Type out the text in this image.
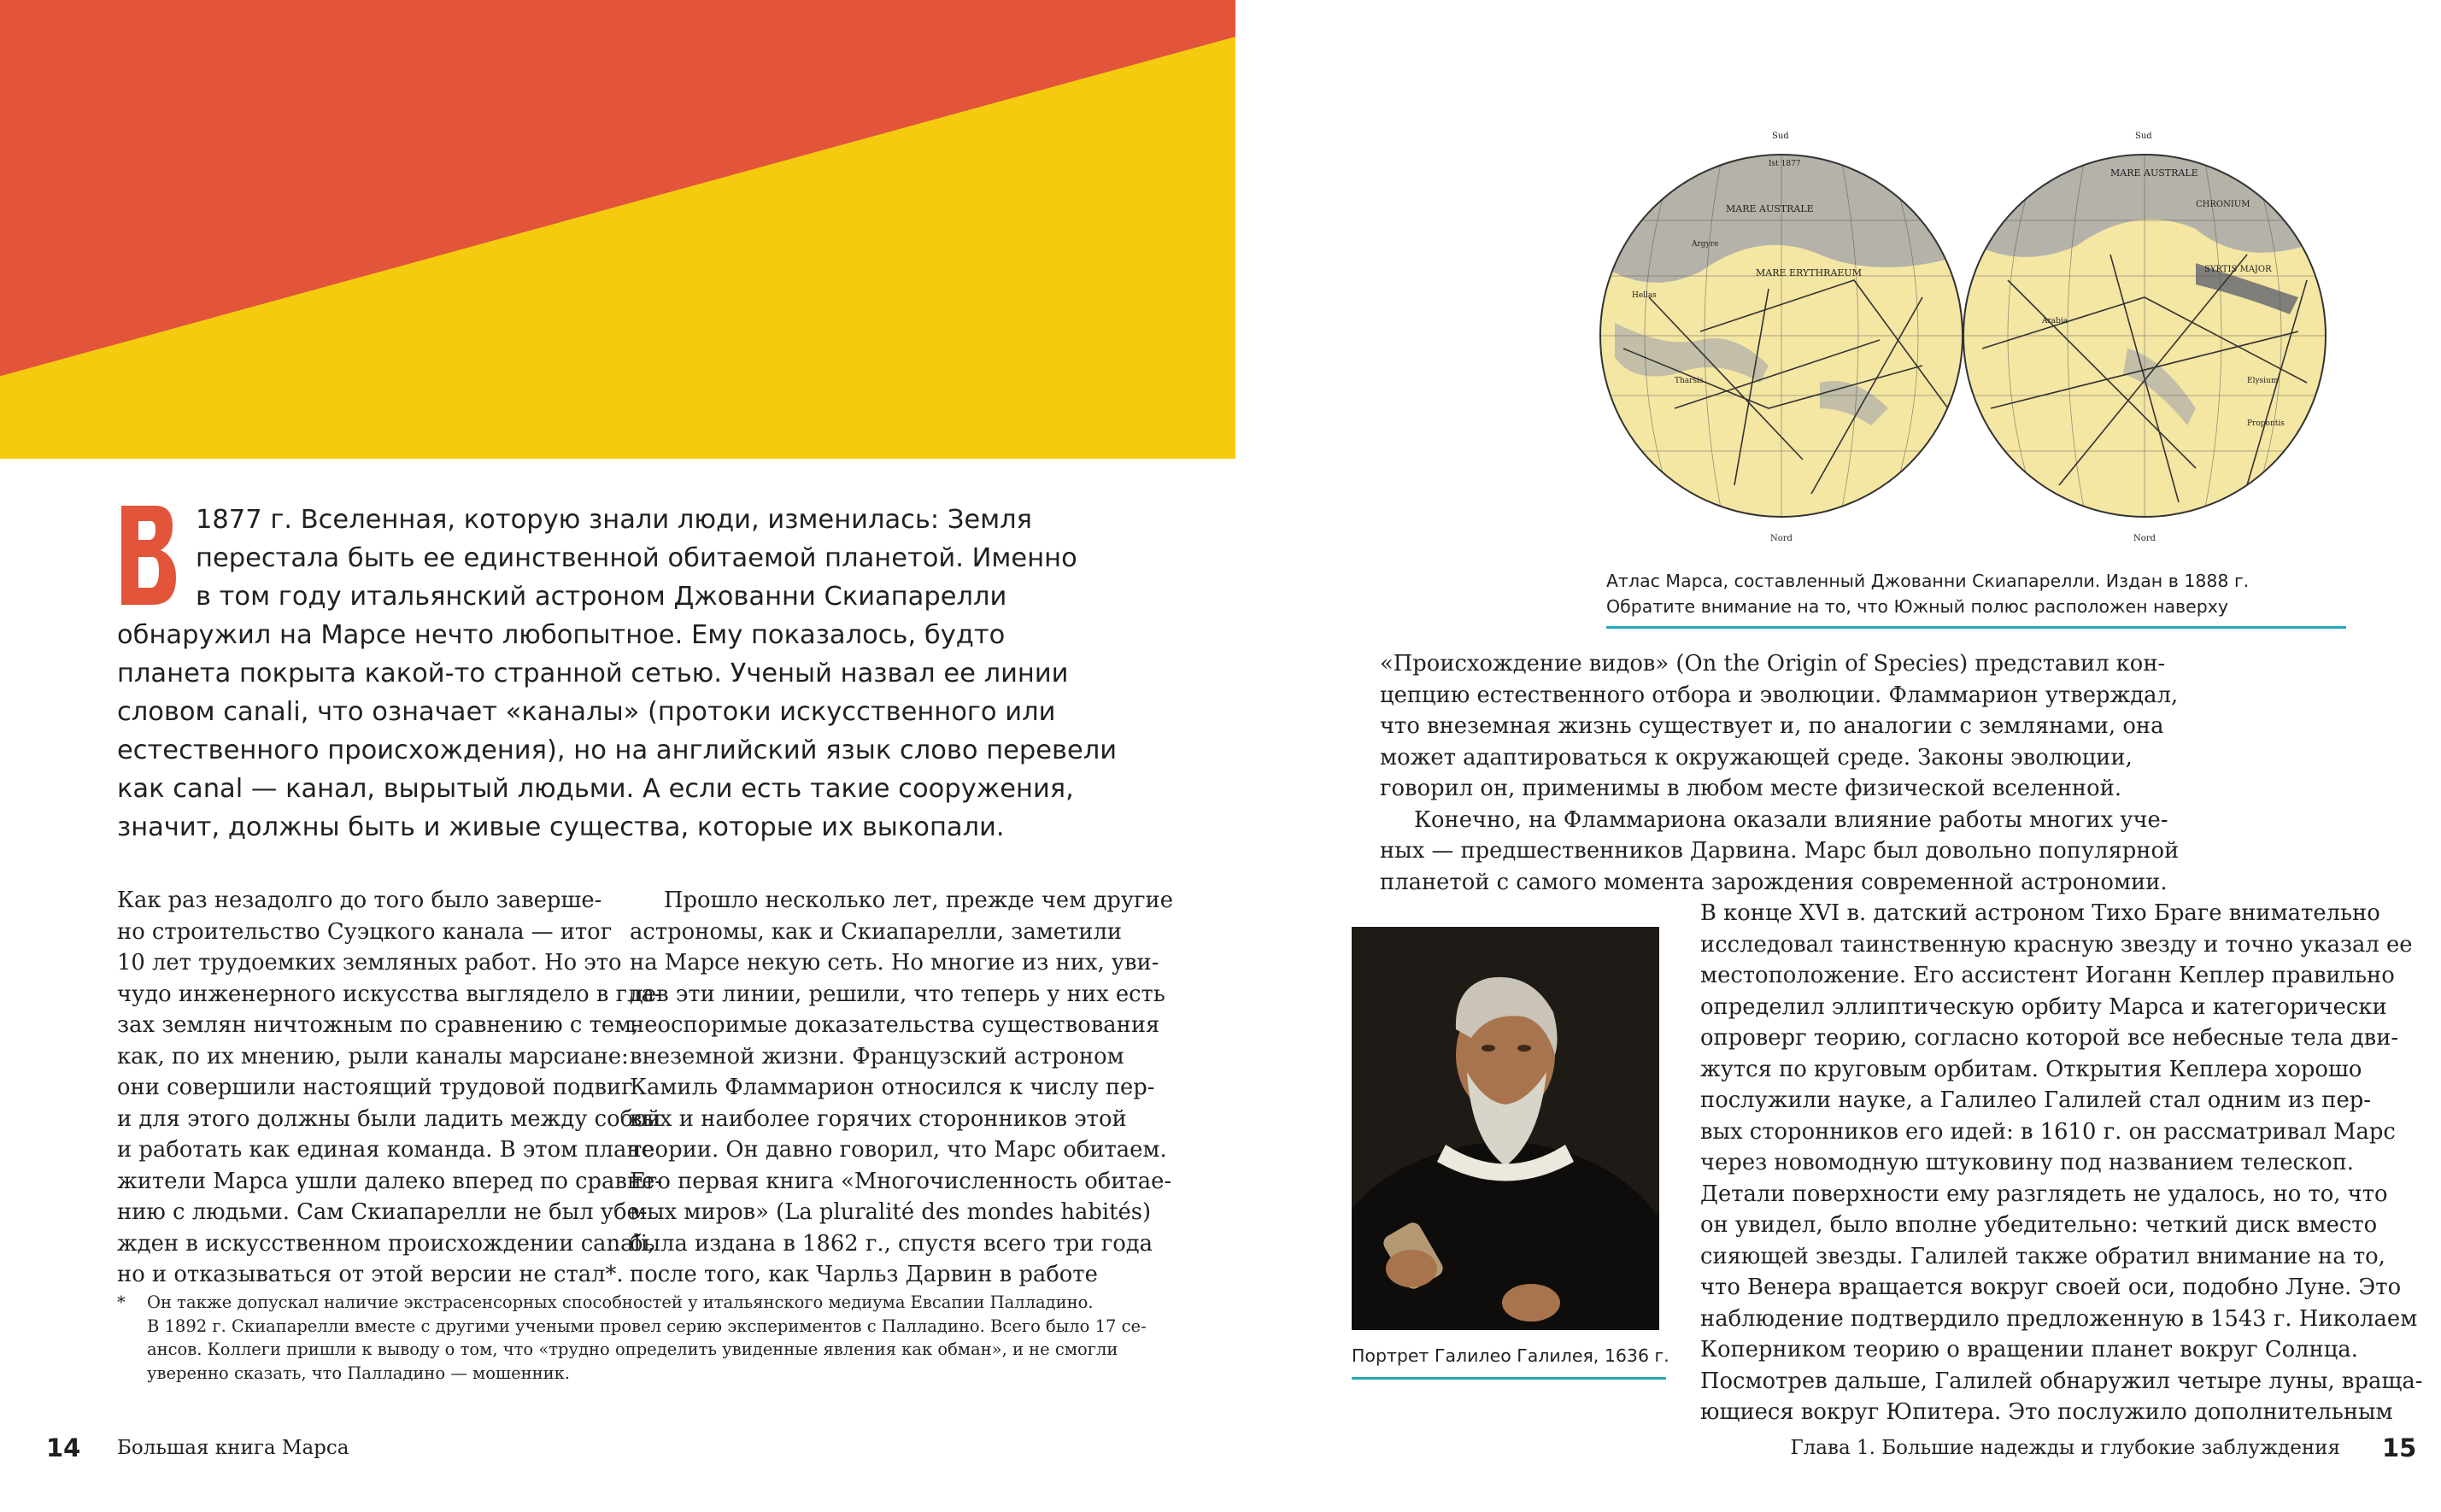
1877 г. Вселенная, которую знали люди, изменилась: Земля
перестала быть ее единственной обитаемой планетой. Именно
в том году итальянский астроном Джованни Скиапарелли
обнаружил на Марсе нечто любопытное. Ему показалось, будто
планета покрыта какой-то странной сетью. Ученый назвал ее линии
словом canali, что означает «каналы» (протоки искусственного или
естественного происхождения), но на английский язык слово перевели
как canal — канал, вырытый людьми. А если есть такие сооружения,
значит, должны быть и живые существа, которые их выкопали.
Как раз незадолго до того было заверше-
но строительство Суэцкого канала — итог
10 лет трудоемких земляных работ. Но это
чудо инженерного искусства выглядело в гла-
зах землян ничтожным по сравнению с тем,
как, по их мнению, рыли каналы марсиане:
они совершили настоящий трудовой подвиг
и для этого должны были ладить между собой
и работать как единая команда. В этом плане
жители Марса ушли далеко вперед по сравне-
нию с людьми. Сам Скиапарелли не был убе-
жден в искусственном происхождении canali,
но и отказываться от этой версии не стал*.
Прошло несколько лет, прежде чем другие
астрономы, как и Скиапарелли, заметили
на Марсе некую сеть. Но многие из них, уви-
дев эти линии, решили, что теперь у них есть
неоспоримые доказательства существования
внеземной жизни. Французский астроном
Камиль Фламмарион относился к числу пер-
вых и наиболее горячих сторонников этой
теории. Он давно говорил, что Марс обитаем.
Его первая книга «Многочисленность обитае-
мых миров» (La pluralité des mondes habités)
была издана в 1862 г., спустя всего три года
после того, как Чарльз Дарвин в работе
*	Он также допускал наличие экстрасенсорных способностей у итальянского медиума Евсапии Палладино.
В 1892 г. Скиапарелли вместе с другими учеными провел серию экспериментов с Палладино. Всего было 17 се-
ансов. Коллеги пришли к выводу о том, что «трудно определить увиденные явления как обман», и не смогли
уверенно сказать, что Палладино — мошенник.
Sud	Sud
Nord	Nord
Ist 1877
MARE AUSTRALE
MARE ERYTHRAEUM
MARE AUSTRALE
CHRONIUM
SYRTIS MAJOR
Argyre
Hellas
Elysium
Propontis
Arabia
Tharsis
Атлас Марса, составленный Джованни Скиапарелли. Издан в 1888 г.
Обратите внимание на то, что Южный полюс расположен наверху
Портрет Галилео Галилея, 1636 г.
«Происхождение видов» (On the Origin of Species) представил кон-
цепцию естественного отбора и эволюции. Фламмарион утверждал,
что внеземная жизнь существует и, по аналогии с землянами, она
может адаптироваться к окружающей среде. Законы эволюции,
говорил он, применимы в любом месте физической вселенной.
Конечно, на Фламмариона оказали влияние работы многих уче-
ных — предшественников Дарвина. Марс был довольно популярной
планетой с самого момента зарождения современной астрономии.
В конце XVI в. датский астроном Тихо Браге внимательно
исследовал таинственную красную звезду и точно указал ее
местоположение. Его ассистент Иоганн Кеплер правильно
определил эллиптическую орбиту Марса и категорически
опроверг теорию, согласно которой все небесные тела дви-
жутся по круговым орбитам. Открытия Кеплера хорошо
послужили науке, а Галилео Галилей стал одним из пер-
вых сторонников его идей: в 1610 г. он рассматривал Марс
через новомодную штуковину под названием телескоп.
Детали поверхности ему разглядеть не удалось, но то, что
он увидел, было вполне убедительно: четкий диск вместо
сияющей звезды. Галилей также обратил внимание на то,
что Венера вращается вокруг своей оси, подобно Луне. Это
наблюдение подтвердило предложенную в 1543 г. Николаем
Коперником теорию о вращении планет вокруг Солнца.
Посмотрев дальше, Галилей обнаружил четыре луны, враща-
ющиеся вокруг Юпитера. Это послужило дополнительным
14 Большая книга Марса	Глава 1. Большие надежды и глубокие заблуждения 15
